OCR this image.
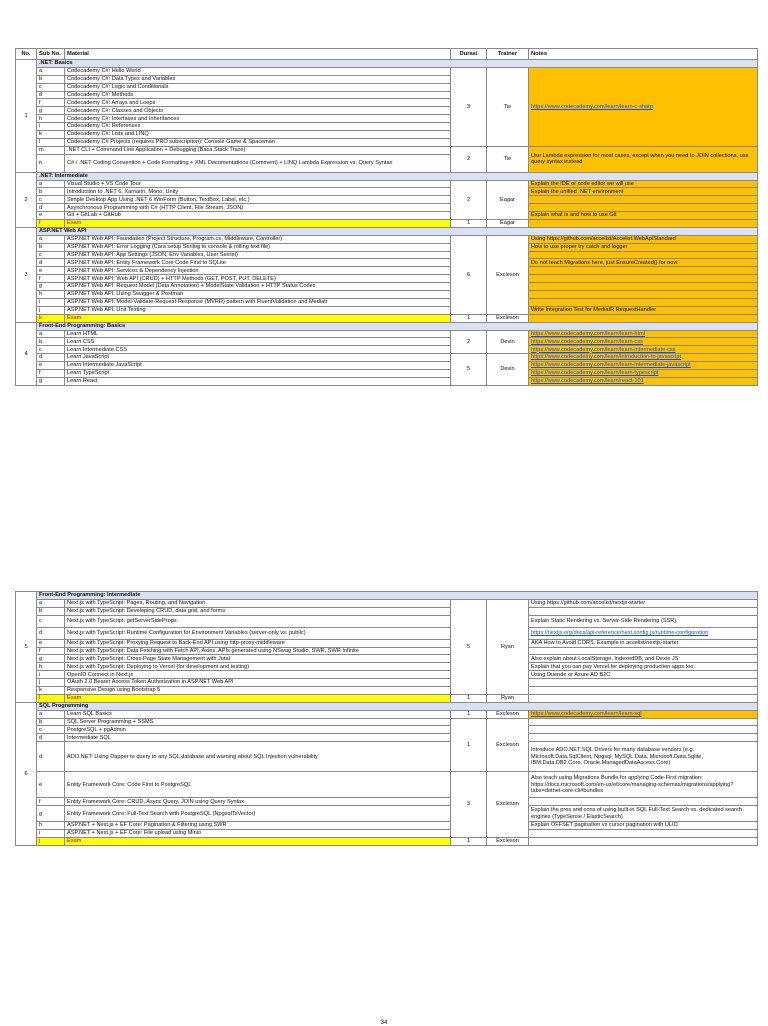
No.	Sub No.	Material	Durasi	Trainer	Notes
1	.NET: Basics				
	a	Codecademy C#: Hello World	3	Tie	https://www.codecademy.com/learn/learn-c-sharp
	b	Codecademy C#: Data Types and Variables			
	c	Codecademy C#: Logic and Conditionals			
	d	Codecademy C#: Methods			
	f	Codecademy C#: Arrays and Loops			
	g	Codecademy C#: Classes and Objects			
	h	Codecademy C#: Interfaces and Inheritances			
	i	Codecademy C#: References			
	k	Codecademy C#: Lists and LINQ			
	l	Codecademy C# Projects (requires PRO subscription): Console Game & Spaceman			
	m	.NET CLI + Command Line Application + Debugging (Baca Stack Trace)	2	Tie	Use Lambda expression for most cases, except when you need to JOIN collections, use query syntax instead
	n	C# / .NET Coding Convention + Code Formatting + XML Documentations (Comment) + LINQ Lambda Expression vs. Query Syntax			
2	.NET: Intermediate				
	a	Visual Studio + VS Code Tour	2	Eagar	Explain the IDE or code editor we will use
	b	Introduction to .NET 6, Xamarin, Mono, Unity			Explain the unified .NET environment
	c	Simple Desktop App Using .NET 6 WinForm (Button, TextBox, Label, etc.)			
	d	Asynchronous Programming with C# (HTTP Client, File Stream, JSON)			
	e	Git + GitLab + GitHub			Explain what is and how to use Git
	f	Exam	1	Eagar	
3	ASP.NET Web API				
	a	ASP.NET Web API: Foundation (Project Structure, Program.cs, Middleware, Controller)	6	Excleson	Using https://github.com/accelist/Accelist.WebApiStandard
	b	ASP.NET Web API: Error Logging (Cara setup Serilog to console & rolling text file)			How to use proper try catch and logger
	c	ASP.NET Web API: App Settings (JSON, Env Variables, User Secret)			
	d	ASP.NET Web API: Entity Framework Core Code First to SQLite			Do not teach Migrations here, just EnsureCreated() for now
	e	ASP.NET Web API: Services & Dependency Injection			
	f	ASP.NET Web API: Web API (CRUD) + HTTP Methods (GET, POST, PUT, DELETE)			
	g	ASP.NET Web API: Request Model (Data Annotation) + ModelState Validation + HTTP Status Codes			
	h	ASP.NET Web API: Using Swagger & Postman			
	i	ASP.NET Web API: Model-Validate-Request-Response (MVRR) pattern with FluentValidation and Mediatr			
	j	ASP.NET Web API: Unit Testing			Write Integration Test for MediatR RequestHandler
	k	Exam	1	Excleson	
4	Front-End Programming: Basics				
	a	Learn HTML	2	Devin	https://www.codecademy.com/learn/learn-html
	b	Learn CSS			https://www.codecademy.com/learn/learn-css
	c	Learn Intermediate CSS			https://www.codecademy.com/learn/learn-intermediate-css
	d	Learn JavaScript	5	Devin	https://www.codecademy.com/learn/introduction-to-javascript
	e	Learn Intermediate JavaScript			https://www.codecademy.com/learn/learn-intermediate-javascript
	f	Learn TypeScript			https://www.codecademy.com/learn/learn-typescript
	g	Learn React			https://www.codecademy.com/learn/react-101
5	Front-End Programming: Intermediate				
	a	Next.js with TypeScript: Pages, Routing, and Navigation	5	Ryan	Using https://github.com/accelist/nextjs-starter
	b	Next.js with TypeScript: Developing CRUD, data grid, and forms			
	c	Next.js with TypeScript: getServerSideProps			Explain Static Rendering vs. Server-Side Rendering (SSR)
	d	Next.js with TypeScript: Runtime Configuration for Environment Variables (server-only vs. public)			https://nextjs.org/docs/api-reference/next.config.js/runtime-configuration
	e	Next.js with TypeScript: Proxying Request to Back-End API using http-proxy-middleware			AKA How to Avoid CORS. Example in accelist/nextjs-starter
	f	Next.js with TypeScript: Data Fetching with Fetch API, Axios, APIs generated using NSwag Studio, SWR, SWR Infinite			
	g	Next.js with TypeScript: Cross-Page State Management with Jotai			Also explain about LocalStorage, IndexedDB, and Dexie JS
	h	Next.js with TypeScript: Deploying to Vercel (for development and testing)			Explain that you can pay Vercel for deploying production apps too.
	i	OpenID Connect in Next.js			Using Duende or Azure AD B2C
	j	OAuth 2.0 Bearer Access Token Authorization in ASP.NET Web API			
	k	Responsive Design using Bootstrap 5			
	l	Exam	1	Ryan	
6	SQL Programming				
	a	Learn SQL Basics	1	Excleson	https://www.codecademy.com/learn/learn-sql
	b	SQL Server Programming + SSMS	1	Excleson	
	c	PostgreSQL + pgAdmin			
	d	Intermediate SQL			
	d	ADO.NET: Using Dapper to query to any SQL database and warning about SQL Injection vulnerability			Introduce ADO.NET SQL Drivers for many database vendors (e.g. Microsoft.Data.SqlClient, Npgsql, MySQL.Data, Microsoft.Data.Sqlite, IBM.Data.DB2.Core, Oracle.ManagedDataAccess.Core)
	e	Entity Framework Core: Code First to PostgreSQL	3	Excleson	Also teach using Migrations Bundle for applying Code-First migration: https://docs.microsoft.com/en-us/ef/core/managing-schemas/migrations/applying?tabs=dotnet-core-cli#bundles
	f	Entity Framework Core: CRUD, Async Query, JOIN using Query Syntax			
	g	Entity Framework Core: Full-Text Search with PostgreSQL (NpgsqlTsVector)			Explain the pros and cons of using built-in SQL Full-Text Search vs. dedicated search engines (TypeSense / ElasticSearch)
	h	ASP.NET + Next.js + EF Core: Pagination & Filtering using SWR			Explain OFFSET pagination vs cursor pagination with ULID
	i	ASP.NET + Next.js + EF Core: File upload using Minio			
	j	Exam	1	Excleson	
34
